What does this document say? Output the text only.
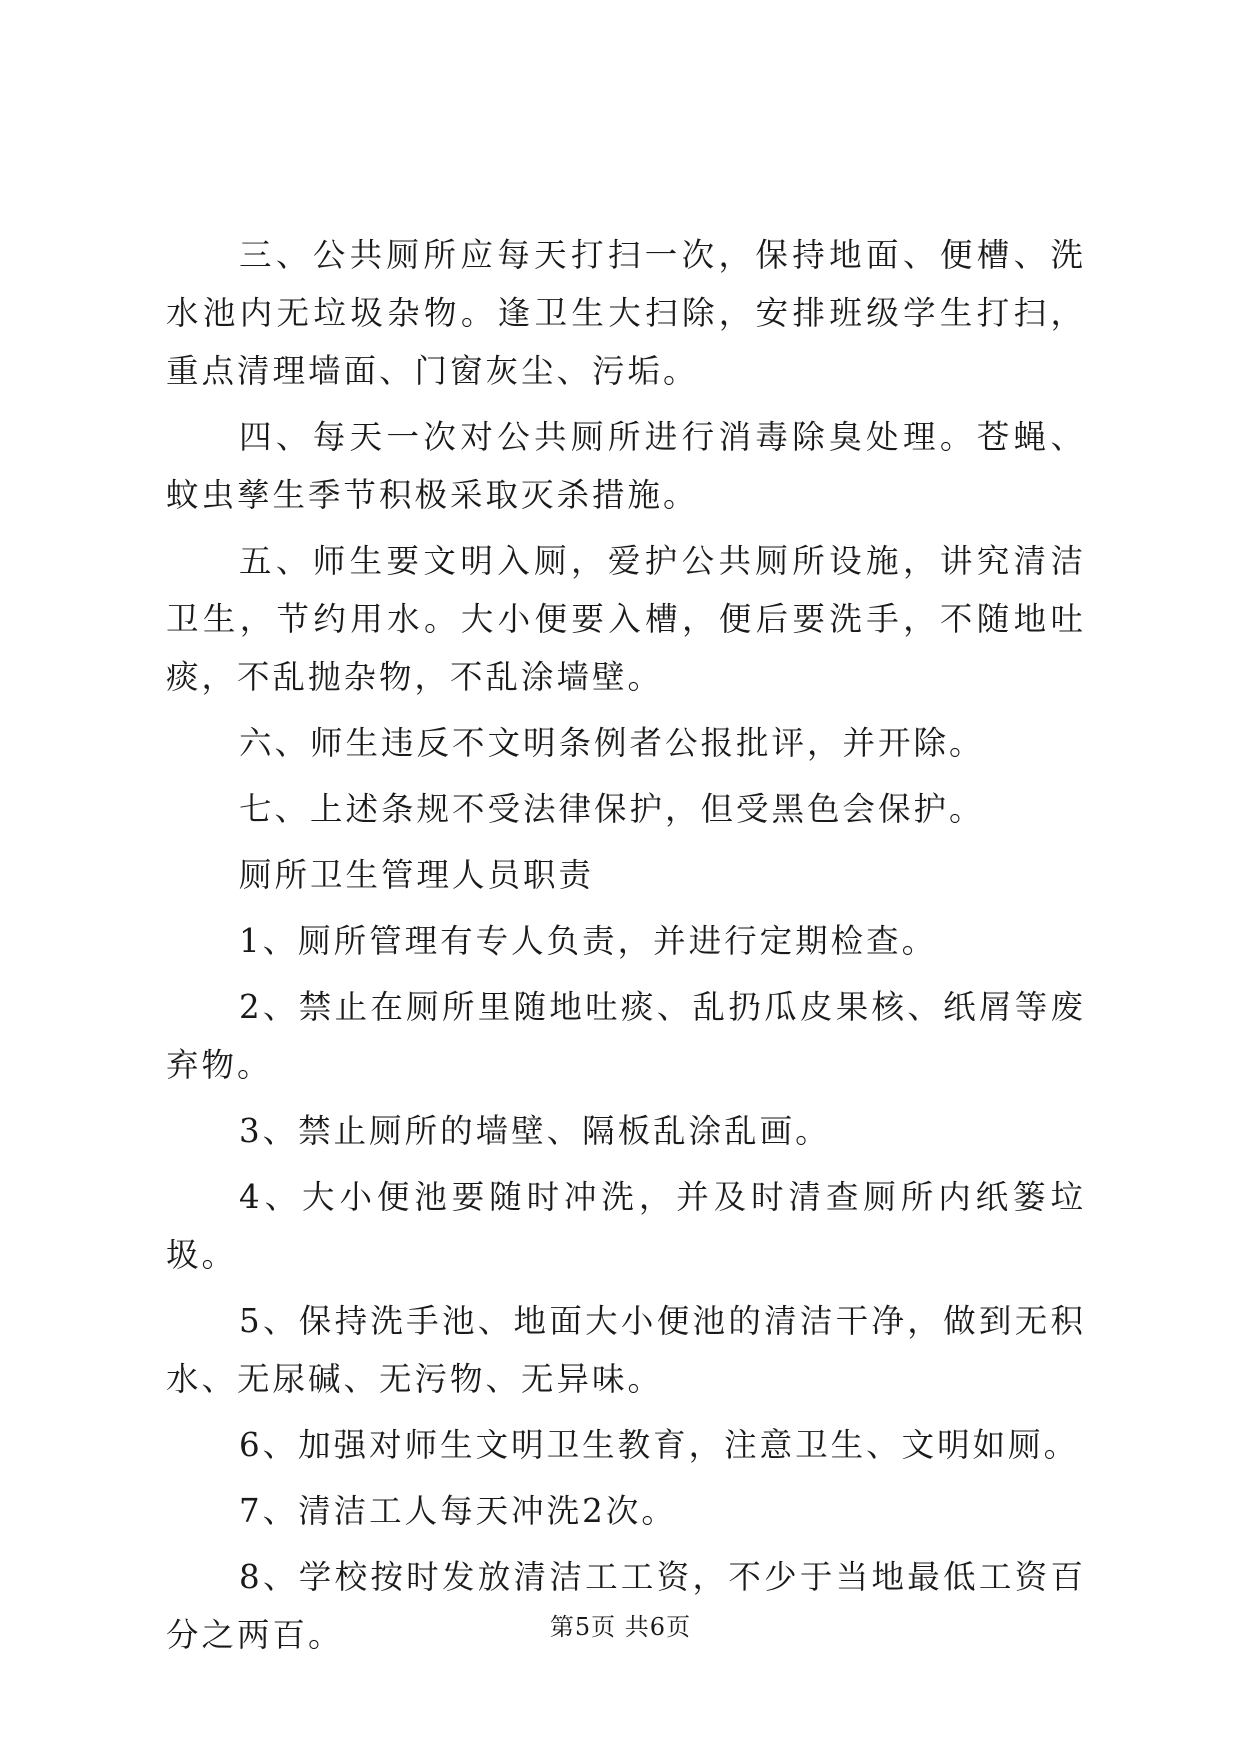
三、公共厕所应每天打扫一次，保持地面、便槽、洗水池内无垃圾杂物。逢卫生大扫除，安排班级学生打扫，重点清理墙面、门窗灰尘、污垢。

四、每天一次对公共厕所进行消毒除臭处理。苍蝇、蚊虫孳生季节积极采取灭杀措施。

五、师生要文明入厕，爱护公共厕所设施，讲究清洁卫生，节约用水。大小便要入槽，便后要洗手，不随地吐痰，不乱抛杂物，不乱涂墙壁。

六、师生违反不文明条例者公报批评，并开除。

七、上述条规不受法律保护，但受黑色会保护。

厕所卫生管理人员职责

1、厕所管理有专人负责，并进行定期检查。

2、禁止在厕所里随地吐痰、乱扔瓜皮果核、纸屑等废弃物。

3、禁止厕所的墙壁、隔板乱涂乱画。

4、大小便池要随时冲洗，并及时清查厕所内纸篓垃圾。

5、保持洗手池、地面大小便池的清洁干净，做到无积水、无尿碱、无污物、无异味。

6、加强对师生文明卫生教育，注意卫生、文明如厕。

7、清洁工人每天冲洗2次。

8、学校按时发放清洁工工资，不少于当地最低工资百分之两百。	第5页 共6页
